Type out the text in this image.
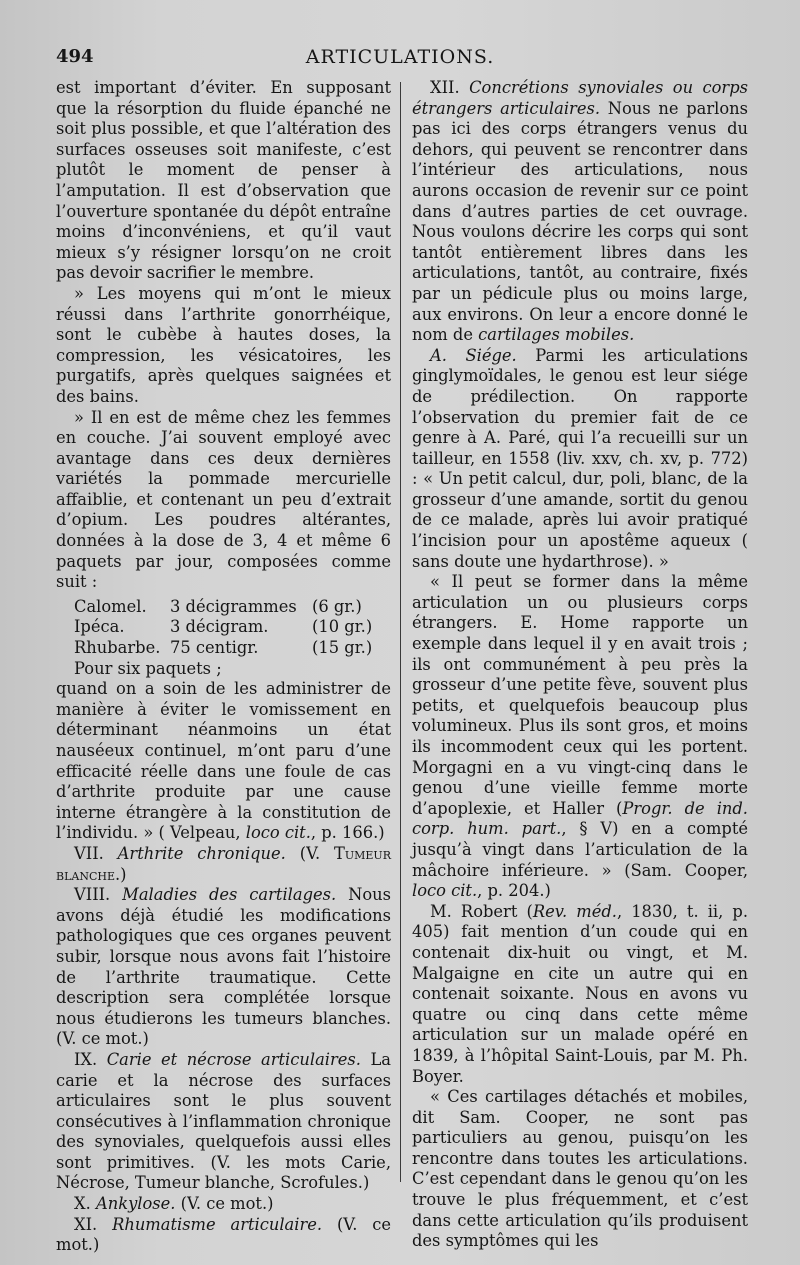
494	ARTICULATIONS.

est important d’éviter. En supposant que la résorption du fluide épanché ne soit plus possible, et que l’altération des surfaces osseuses soit manifeste, c’est plutôt le moment de penser à l’amputation. Il est d’observation que l’ouverture spontanée du dépôt entraîne moins d’inconvéniens, et qu’il vaut mieux s’y résigner lorsqu’on ne croit pas devoir sacrifier le membre.

» Les moyens qui m’ont le mieux réussi dans l’arthrite gonorrhéique, sont le cubèbe à hautes doses, la compression, les vésicatoires, les purgatifs, après quelques saignées et des bains.

» Il en est de même chez les femmes en couche. J’ai souvent employé avec avantage dans ces deux dernières variétés la pommade mercurielle affaiblie, et contenant un peu d’extrait d’opium. Les poudres altérantes, données à la dose de 3, 4 et même 6 paquets par jour, composées comme suit :

Calomel.	3 décigrammes (6 gr.)
Ipéca.	3 décigram.	(10 gr.)
Rhubarbe. 75 centigr.	(15 gr.)

Pour six paquets ;

quand on a soin de les administrer de manière à éviter le vomissement en déterminant néanmoins un état nauséeux continuel, m’ont paru d’une efficacité réelle dans une foule de cas d’arthrite produite par une cause interne étrangère à la constitution de l’individu. » ( Velpeau, loco cit., p. 166.)

VII. Arthrite chronique. (V. Tumeur blanche.)

VIII. Maladies des cartilages. Nous avons déjà étudié les modifications pathologiques que ces organes peuvent subir, lorsque nous avons fait l’histoire de l’arthrite traumatique. Cette description sera complétée lorsque nous étudierons les tumeurs blanches. (V. ce mot.)

IX. Carie et nécrose articulaires. La carie et la nécrose des surfaces articulaires sont le plus souvent consécutives à l’inflammation chronique des synoviales, quelquefois aussi elles sont primitives. (V. les mots Carie, Nécrose, Tumeur blanche, Scrofules.)

X. Ankylose. (V. ce mot.)

XI. Rhumatisme articulaire. (V. ce mot.)

XII. Concrétions synoviales ou corps étrangers articulaires. Nous ne parlons pas ici des corps étrangers venus du dehors, qui peuvent se rencontrer dans l’intérieur des articulations, nous aurons occasion de revenir sur ce point dans d’autres parties de cet ouvrage. Nous voulons décrire les corps qui sont tantôt entièrement libres dans les articulations, tantôt, au contraire, fixés par un pédicule plus ou moins large, aux environs. On leur a encore donné le nom de cartilages mobiles.

A. Siége. Parmi les articulations ginglymoïdales, le genou est leur siége de prédilection. On rapporte l’observation du premier fait de ce genre à A. Paré, qui l’a recueilli sur un tailleur, en 1558 (liv. xxv, ch. xv, p. 772) : « Un petit calcul, dur, poli, blanc, de la grosseur d’une amande, sortit du genou de ce malade, après lui avoir pratiqué l’incision pour un apostême aqueux ( sans doute une hydarthrose). »

« Il peut se former dans la même articulation un ou plusieurs corps étrangers. E. Home rapporte un exemple dans lequel il y en avait trois ; ils ont communément à peu près la grosseur d’une petite fève, souvent plus petits, et quelquefois beaucoup plus volumineux. Plus ils sont gros, et moins ils incommodent ceux qui les portent. Morgagni en a vu vingt-cinq dans le genou d’une vieille femme morte d’apoplexie, et Haller (Progr. de ind. corp. hum. part., § V) en a compté jusqu’à vingt dans l’articulation de la mâchoire inférieure. » (Sam. Cooper, loco cit., p. 204.)

M. Robert (Rev. méd., 1830, t. ii, p. 405) fait mention d’un coude qui en contenait dix-huit ou vingt, et M. Malgaigne en cite un autre qui en contenait soixante. Nous en avons vu quatre ou cinq dans cette même articulation sur un malade opéré en 1839, à l’hôpital Saint-Louis, par M. Ph. Boyer.

« Ces cartilages détachés et mobiles, dit Sam. Cooper, ne sont pas particuliers au genou, puisqu’on les rencontre dans toutes les articulations. C’est cependant dans le genou qu’on les trouve le plus fréquemment, et c’est dans cette articulation qu’ils produisent des symptômes qui les
